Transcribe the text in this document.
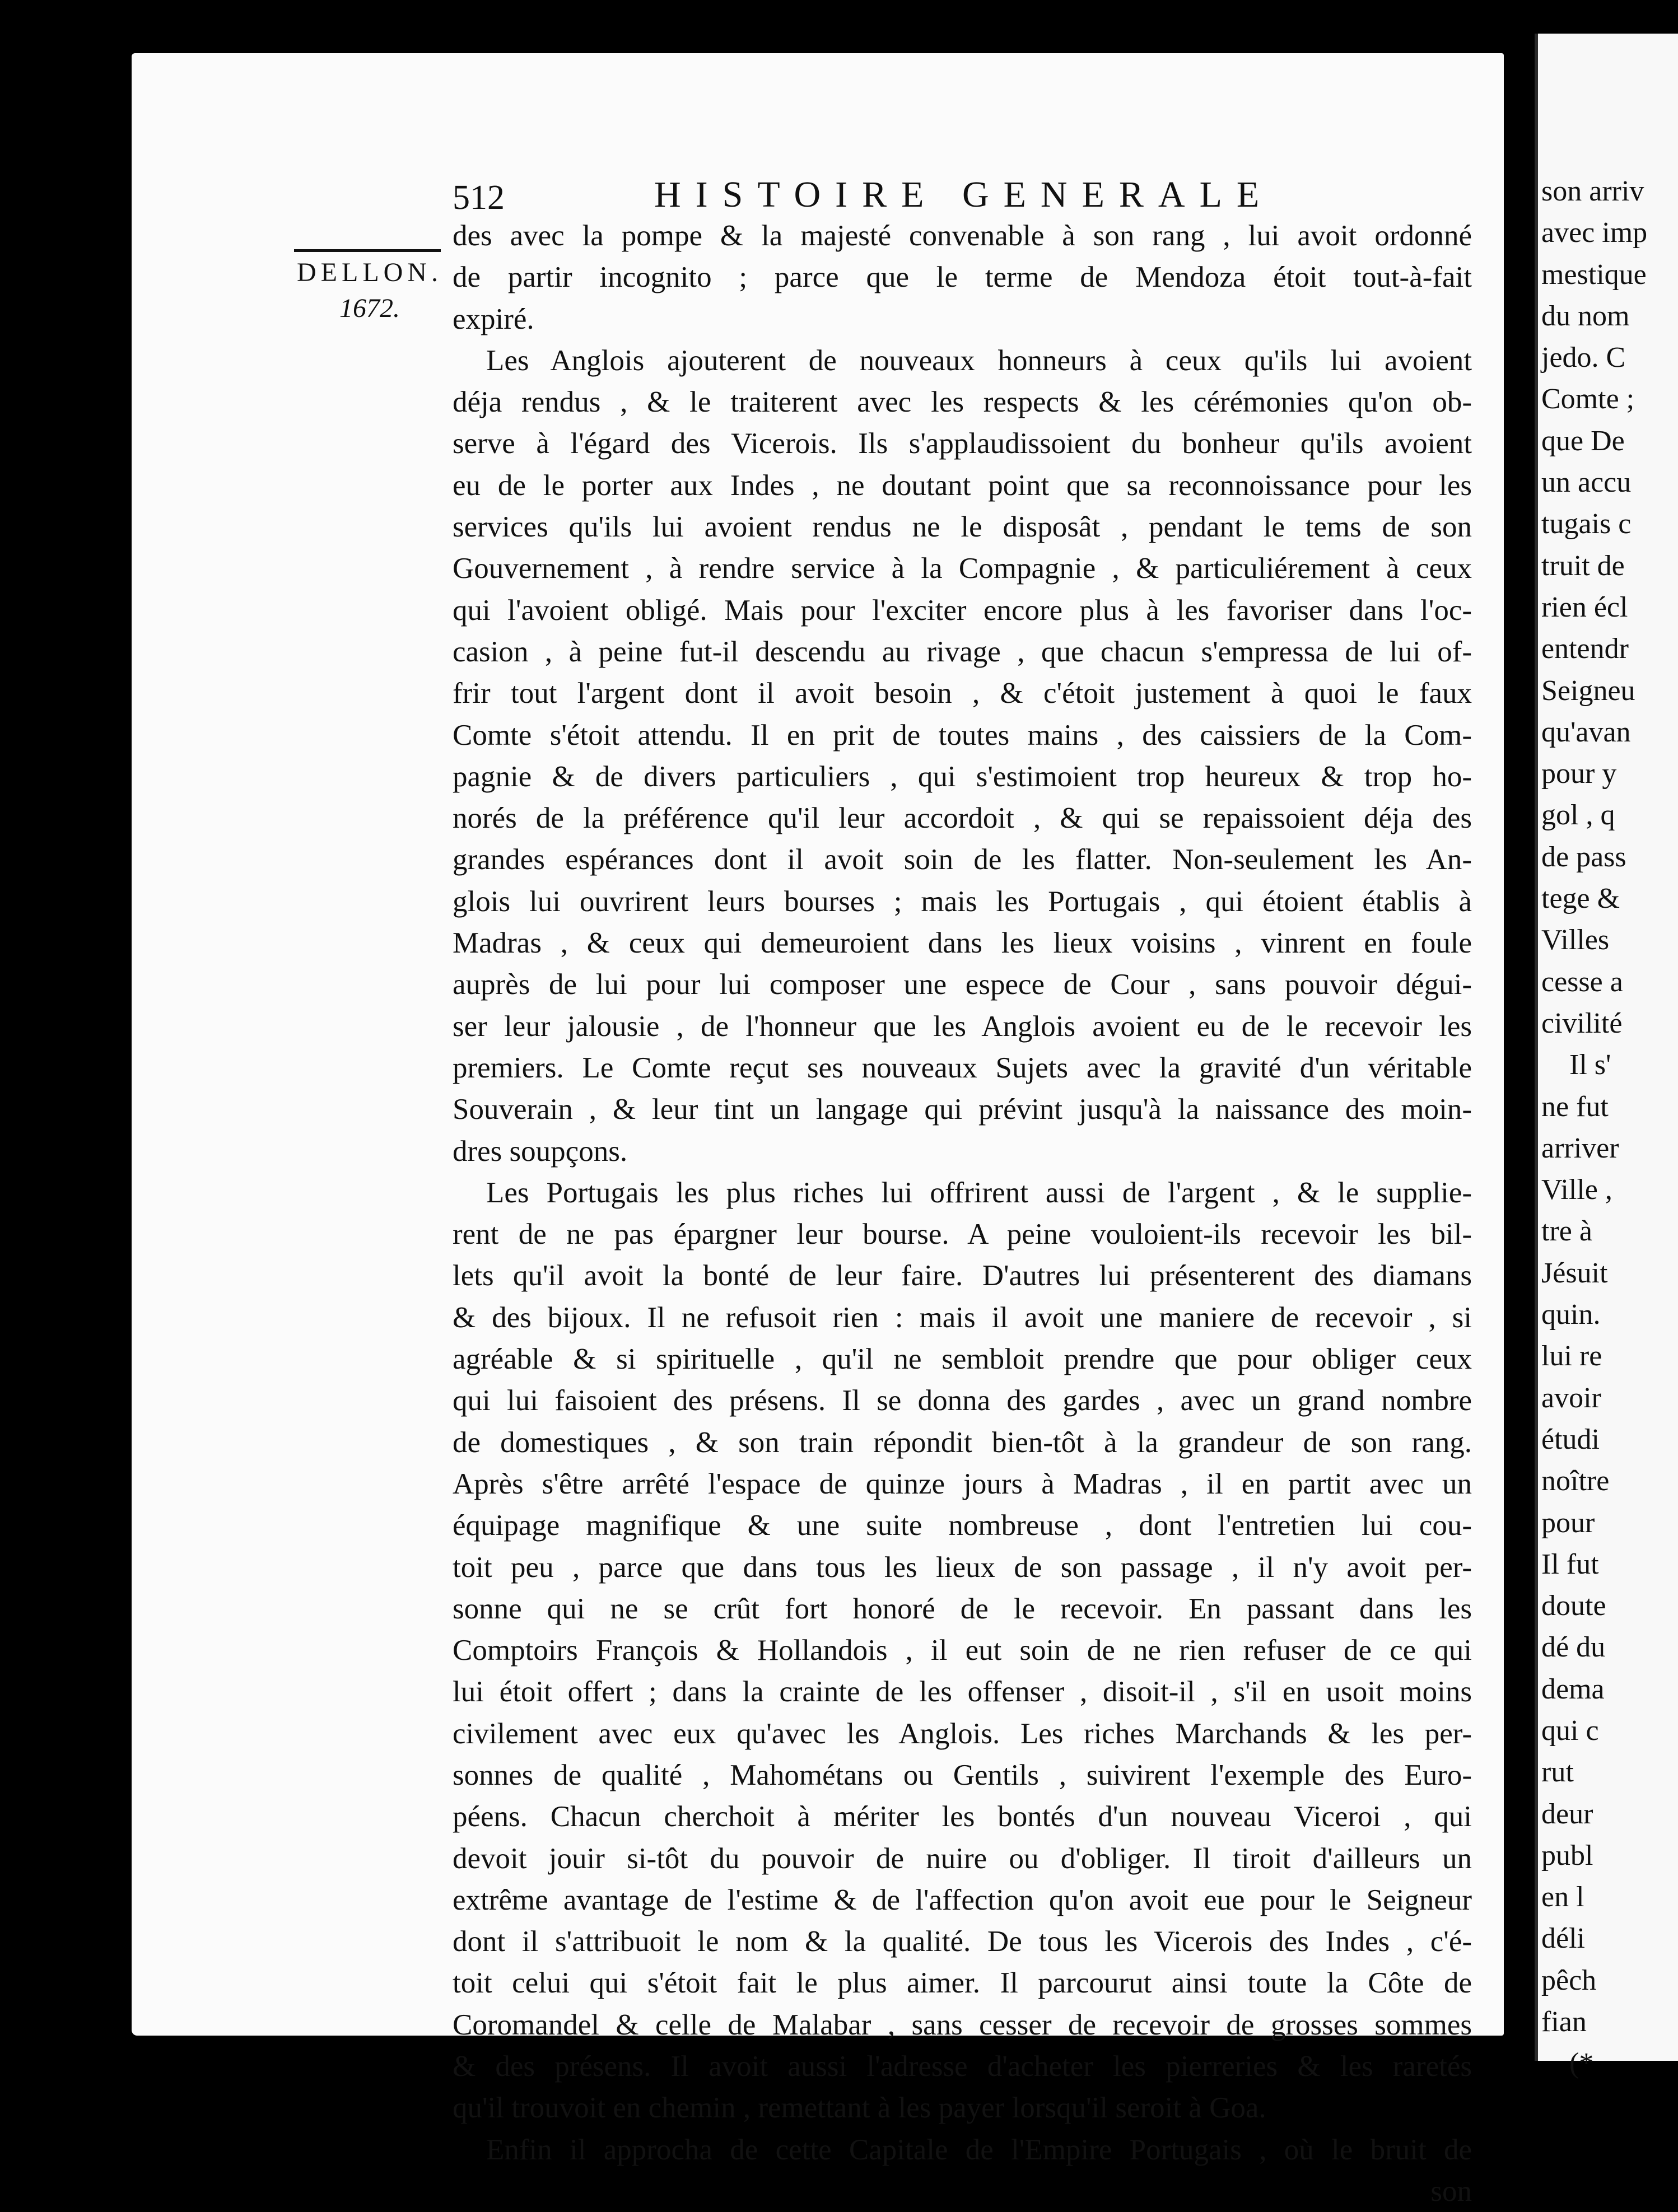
512	HISTOIRE GENERALE
DELLON.
1672.
des avec la pompe & la majesté convenable à son rang , lui avoit ordonné
de partir incognito ; parce que le terme de Mendoza étoit tout-à-fait
expiré.
Les Anglois ajouterent de nouveaux honneurs à ceux qu'ils lui avoient
déja rendus , & le traiterent avec les respects & les cérémonies qu'on ob-
serve à l'égard des Vicerois. Ils s'applaudissoient du bonheur qu'ils avoient
eu de le porter aux Indes , ne doutant point que sa reconnoissance pour les
services qu'ils lui avoient rendus ne le disposât , pendant le tems de son
Gouvernement , à rendre service à la Compagnie , & particuliérement à ceux
qui l'avoient obligé. Mais pour l'exciter encore plus à les favoriser dans l'oc-
casion , à peine fut-il descendu au rivage , que chacun s'empressa de lui of-
frir tout l'argent dont il avoit besoin , & c'étoit justement à quoi le faux
Comte s'étoit attendu. Il en prit de toutes mains , des caissiers de la Com-
pagnie & de divers particuliers , qui s'estimoient trop heureux & trop ho-
norés de la préférence qu'il leur accordoit , & qui se repaissoient déja des
grandes espérances dont il avoit soin de les flatter. Non-seulement les An-
glois lui ouvrirent leurs bourses ; mais les Portugais , qui étoient établis à
Madras , & ceux qui demeuroient dans les lieux voisins , vinrent en foule
auprès de lui pour lui composer une espece de Cour , sans pouvoir dégui-
ser leur jalousie , de l'honneur que les Anglois avoient eu de le recevoir les
premiers. Le Comte reçut ses nouveaux Sujets avec la gravité d'un véritable
Souverain , & leur tint un langage qui prévint jusqu'à la naissance des moin-
dres soupçons.
Les Portugais les plus riches lui offrirent aussi de l'argent , & le supplie-
rent de ne pas épargner leur bourse. A peine vouloient-ils recevoir les bil-
lets qu'il avoit la bonté de leur faire. D'autres lui présenterent des diamans
& des bijoux. Il ne refusoit rien : mais il avoit une maniere de recevoir , si
agréable & si spirituelle , qu'il ne sembloit prendre que pour obliger ceux
qui lui faisoient des présens. Il se donna des gardes , avec un grand nombre
de domestiques , & son train répondit bien-tôt à la grandeur de son rang.
Après s'être arrêté l'espace de quinze jours à Madras , il en partit avec un
équipage magnifique & une suite nombreuse , dont l'entretien lui cou-
toit peu , parce que dans tous les lieux de son passage , il n'y avoit per-
sonne qui ne se crût fort honoré de le recevoir. En passant dans les
Comptoirs François & Hollandois , il eut soin de ne rien refuser de ce qui
lui étoit offert ; dans la crainte de les offenser , disoit-il , s'il en usoit moins
civilement avec eux qu'avec les Anglois. Les riches Marchands & les per-
sonnes de qualité , Mahométans ou Gentils , suivirent l'exemple des Euro-
péens. Chacun cherchoit à mériter les bontés d'un nouveau Viceroi , qui
devoit jouir si-tôt du pouvoir de nuire ou d'obliger. Il tiroit d'ailleurs un
extrême avantage de l'estime & de l'affection qu'on avoit eue pour le Seigneur
dont il s'attribuoit le nom & la qualité. De tous les Vicerois des Indes , c'é-
toit celui qui s'étoit fait le plus aimer. Il parcourut ainsi toute la Côte de
Coromandel & celle de Malabar , sans cesser de recevoir de grosses sommes
& des présens. Il avoit aussi l'adresse d'acheter les pierreries & les raretés
qu'il trouvoit en chemin , remettant à les payer lorsqu'il seroit à Goa.
Enfin il approcha de cette Capitale de l'Empire Portugais , où le bruit de
son
son arriv
avec imp
mestique
du nom
jedo. C
Comte ;
que De
un accu
tugais c
truit de
rien écl
entendr
Seigneu
qu'avan
pour y
gol , q
de pass
tege &
Villes
cesse a
civilité
Il s'
ne fut
arriver
Ville ,
tre à
Jésuit
quin.
lui re
avoir
étudi
noître
pour
Il fut
doute
dé du
dema
qui c
rut
deur
publ
en l
déli
pêch
fian
(*
